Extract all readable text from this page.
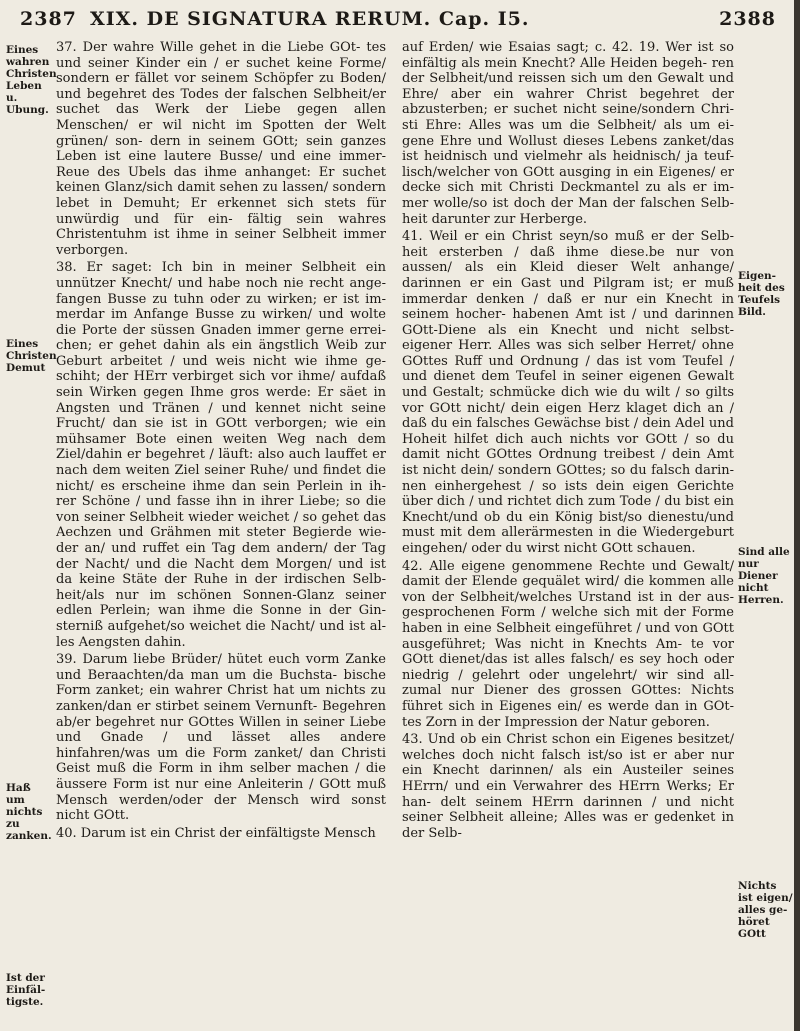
2387 XIX. DE SIGNATURA RERUM. Cap. I5.	2388
Eines wahren Christen Leben u. Ubung.
Eines Christen Demut
Haß um nichts zu zanken.
Ist der Einfäl- tigste.
Eigen- heit des Teufels Bild.
Sind alle nur Diener nicht Herren.
Nichts ist eigen/ alles ge- höret GOtt

37. Der wahre Wille gehet in die Liebe GOt- tes und seiner Kinder ein / er suchet keine Forme/ sondern er fället vor seinem Schöpfer zu Boden/ und begehret des Todes der falschen Selbheit/er suchet das Werk der Liebe gegen allen Menschen/ er wil nicht im Spotten der Welt grünen/ son- dern in seinem GOtt; sein ganzes Leben ist eine lautere Busse/ und eine immer-Reue des Ubels das ihme anhanget: Er suchet keinen Glanz/sich damit sehen zu lassen/ sondern lebet in Demuht; Er erkennet sich stets für unwürdig und für ein- fältig sein wahres Christentuhm ist ihme in seiner Selbheit immer verborgen.

38. Er saget: Ich bin in meiner Selbheit ein unnützer Knecht/ und habe noch nie recht ange- fangen Busse zu tuhn oder zu wirken; er ist im- merdar im Anfange Busse zu wirken/ und wolte die Porte der süssen Gnaden immer gerne errei- chen; er gehet dahin als ein ängstlich Weib zur Geburt arbeitet / und weis nicht wie ihme ge- schiht; der HErr verbirget sich vor ihme/ aufdaß sein Wirken gegen Ihme gros werde: Er säet in Angsten und Tränen / und kennet nicht seine Frucht/ dan sie ist in GOtt verborgen; wie ein mühsamer Bote einen weiten Weg nach dem Ziel/dahin er begehret / läuft: also auch lauffet er nach dem weiten Ziel seiner Ruhe/ und findet die nicht/ es erscheine ihme dan sein Perlein in ih- rer Schöne / und fasse ihn in ihrer Liebe; so die von seiner Selbheit wieder weichet / so gehet das Aechzen und Grähmen mit steter Begierde wie- der an/ und ruffet ein Tag dem andern/ der Tag der Nacht/ und die Nacht dem Morgen/ und ist da keine Stäte der Ruhe in der irdischen Selb- heit/als nur im schönen Sonnen-Glanz seiner edlen Perlein; wan ihme die Sonne in der Gin- sterniß aufgehet/so weichet die Nacht/ und ist al- les Aengsten dahin.

39. Darum liebe Brüder/ hütet euch vorm Zanke und Beraachten/da man um die Buchsta- bische Form zanket; ein wahrer Christ hat um nichts zu zanken/dan er stirbet seinem Vernunft- Begehren ab/er begehret nur GOttes Willen in seiner Liebe und Gnade / und lässet alles andere hinfahren/was um die Form zanket/ dan Christi Geist muß die Form in ihm selber machen / die äussere Form ist nur eine Anleiterin / GOtt muß Mensch werden/oder der Mensch wird sonst nicht GOtt.

40. Darum ist ein Christ der einfältigste Mensch

auf Erden/ wie Esaias sagt; c. 42. 19. Wer ist so einfältig als mein Knecht? Alle Heiden begeh- ren der Selbheit/und reissen sich um den Gewalt und Ehre/ aber ein wahrer Christ begehret der abzusterben; er suchet nicht seine/sondern Chri- sti Ehre: Alles was um die Selbheit/ als um ei- gene Ehre und Wollust dieses Lebens zanket/das ist heidnisch und vielmehr als heidnisch/ ja teuf- lisch/welcher von GOtt ausging in ein Eigenes/ er decke sich mit Christi Deckmantel zu als er im- mer wolle/so ist doch der Man der falschen Selb- heit darunter zur Herberge.

41. Weil er ein Christ seyn/so muß er der Selb- heit ersterben / daß ihme diese.be nur von aussen/ als ein Kleid dieser Welt anhange/ darinnen er ein Gast und Pilgram ist; er muß immerdar denken / daß er nur ein Knecht in seinem hocher- habenen Amt ist / und darinnen GOtt-Diene als ein Knecht und nicht selbst-eigener Herr. Alles was sich selber Herret/ ohne GOttes Ruff und Ordnung / das ist vom Teufel / und dienet dem Teufel in seiner eigenen Gewalt und Gestalt; schmücke dich wie du wilt / so gilts vor GOtt nicht/ dein eigen Herz klaget dich an / daß du ein falsches Gewächse bist / dein Adel und Hoheit hilfet dich auch nichts vor GOtt / so du damit nicht GOttes Ordnung treibest / dein Amt ist nicht dein/ sondern GOttes; so du falsch darin- nen einhergehest / so ists dein eigen Gerichte über dich / und richtet dich zum Tode / du bist ein Knecht/und ob du ein König bist/so dienestu/und must mit dem allerärmesten in die Wiedergeburt eingehen/ oder du wirst nicht GOtt schauen.

42. Alle eigene genommene Rechte und Gewalt/ damit der Elende gequälet wird/ die kommen alle von der Selbheit/welches Urstand ist in der aus- gesprochenen Form / welche sich mit der Forme haben in eine Selbheit eingeführet / und von GOtt ausgeführet; Was nicht in Knechts Am- te vor GOtt dienet/das ist alles falsch/ es sey hoch oder niedrig / gelehrt oder ungelehrt/ wir sind all- zumal nur Diener des grossen GOttes: Nichts führet sich in Eigenes ein/ es werde dan in GOt- tes Zorn in der Impression der Natur geboren.

43. Und ob ein Christ schon ein Eigenes besitzet/ welches doch nicht falsch ist/so ist er aber nur ein Knecht darinnen/ als ein Austeiler seines HErrn/ und ein Verwahrer des HErrn Werks; Er han- delt seinem HErrn darinnen / und nicht seiner Selbheit alleine; Alles was er gedenket in der Selb-
